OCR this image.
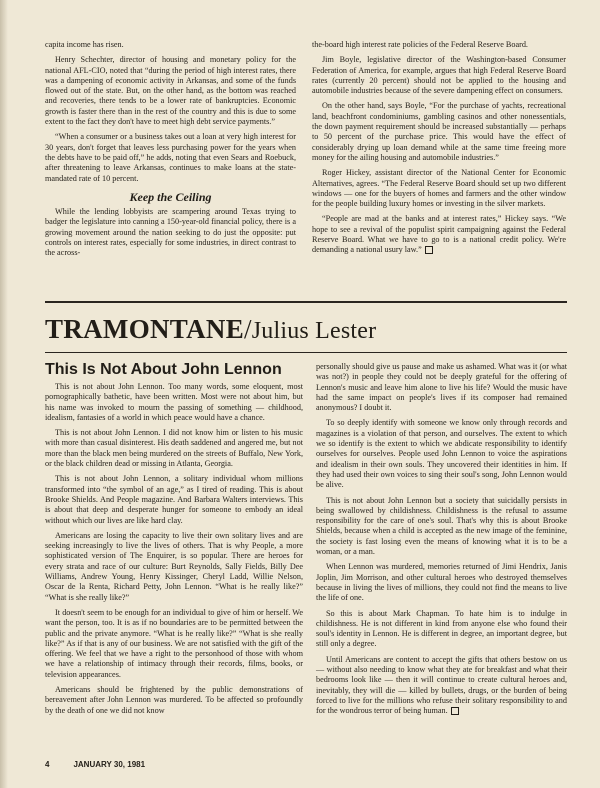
capita income has risen.

Henry Schechter, director of housing and monetary policy for the national AFL-CIO, noted that “during the period of high interest rates, there was a dampening of economic activity in Arkansas, and some of the funds flowed out of the state. But, on the other hand, as the bottom was reached and recoveries, there tends to be a lower rate of bankruptcies. Economic growth is faster there than in the rest of the country and this is due to some extent to the fact they don't have to meet high debt service payments.”

“When a consumer or a business takes out a loan at very high interest for 30 years, don't forget that leaves less purchasing power for the years when the debts have to be paid off,” he adds, noting that even Sears and Roebuck, after threatening to leave Arkansas, continues to make loans at the state-mandated rate of 10 percent.

Keep the Ceiling

While the lending lobbyists are scampering around Texas trying to badger the legislature into canning a 150-year-old financial policy, there is a growing movement around the nation seeking to do just the opposite: put controls on interest rates, especially for some industries, in direct contrast to the across-

the-board high interest rate policies of the Federal Reserve Board.

Jim Boyle, legislative director of the Washington-based Consumer Federation of America, for example, argues that high Federal Reserve Board rates (currently 20 percent) should not be applied to the housing and automobile industries because of the severe dampening effect on consumers.

On the other hand, says Boyle, “For the purchase of yachts, recreational land, beachfront condominiums, gambling casinos and other nonessentials, the down payment requirement should be increased substantially — perhaps to 50 percent of the purchase price. This would have the effect of considerably drying up loan demand while at the same time freeing more money for the ailing housing and automobile industries.”

Roger Hickey, assistant director of the National Center for Economic Alternatives, agrees. “The Federal Reserve Board should set up two different windows — one for the buyers of homes and farmers and the other window for the people building luxury homes or investing in the silver markets.

“People are mad at the banks and at interest rates,” Hickey says. “We hope to see a revival of the populist spirit campaigning against the Federal Reserve Board. What we have to go to is a national credit policy. We're demanding a national usury law.”

TRAMONTANE/Julius Lester
This Is Not About John Lennon

This is not about John Lennon. Too many words, some eloquent, most pornographically bathetic, have been written. Most were not about him, but his name was invoked to mourn the passing of something — childhood, idealism, fantasies of a world in which peace would have a chance.

This is not about John Lennon. I did not know him or listen to his music with more than casual disinterest. His death saddened and angered me, but not more than the black men being murdered on the streets of Buffalo, New York, or the black children dead or missing in Atlanta, Georgia.

This is not about John Lennon, a solitary individual whom millions transformed into “the symbol of an age,” as I tired of reading. This is about Brooke Shields. And People magazine. And Barbara Walters interviews. This is about that deep and desperate hunger for someone to embody an ideal without which our lives are like hard clay.

Americans are losing the capacity to live their own solitary lives and are seeking increasingly to live the lives of others. That is why People, a more sophisticated version of The Enquirer, is so popular. There are heroes for every strata and race of our culture: Burt Reynolds, Sally Fields, Billy Dee Williams, Andrew Young, Henry Kissinger, Cheryl Ladd, Willie Nelson, Oscar de la Renta, Richard Petty, John Lennon. “What is he really like?” “What is she really like?”

It doesn't seem to be enough for an individual to give of him or herself. We want the person, too. It is as if no boundaries are to be permitted between the public and the private anymore. “What is he really like?” “What is she really like?” As if that is any of our business. We are not satisfied with the gift of the offering. We feel that we have a right to the personhood of those with whom we have a relationship of intimacy through their records, films, books, or television appearances.

Americans should be frightened by the public demonstrations of bereavement after John Lennon was murdered. To be affected so profoundly by the death of one we did not know

personally should give us pause and make us ashamed. What was it (or what was not?) in people they could not be deeply grateful for the offering of Lennon's music and leave him alone to live his life? Would the music have had the same impact on people's lives if its composer had remained anonymous? I doubt it.

To so deeply identify with someone we know only through records and magazines is a violation of that person, and ourselves. The extent to which we so identify is the extent to which we abdicate responsibility to identify ourselves for ourselves. People used John Lennon to voice the aspirations and idealism in their own souls. They uncovered their identities in him. If they had used their own voices to sing their soul's song, John Lennon would be alive.

This is not about John Lennon but a society that suicidally persists in being swallowed by childishness. Childishness is the refusal to assume responsibility for the care of one's soul. That's why this is about Brooke Shields, because when a child is accepted as the new image of the feminine, the society is fast losing even the means of knowing what it is to be a woman, or a man.

When Lennon was murdered, memories returned of Jimi Hendrix, Janis Joplin, Jim Morrison, and other cultural heroes who destroyed themselves because in living the lives of millions, they could not find the means to live the life of one.

So this is about Mark Chapman. To hate him is to indulge in childishness. He is not different in kind from anyone else who found their soul's identity in Lennon. He is different in degree, an important degree, but still only a degree.

Until Americans are content to accept the gifts that others bestow on us — without also needing to know what they ate for breakfast and what their bedrooms look like — then it will continue to create cultural heroes and, inevitably, they will die — killed by bullets, drugs, or the burden of being forced to live for the millions who refuse their solitary responsibility to and for the wondrous terror of being human.

4	JANUARY 30, 1981
